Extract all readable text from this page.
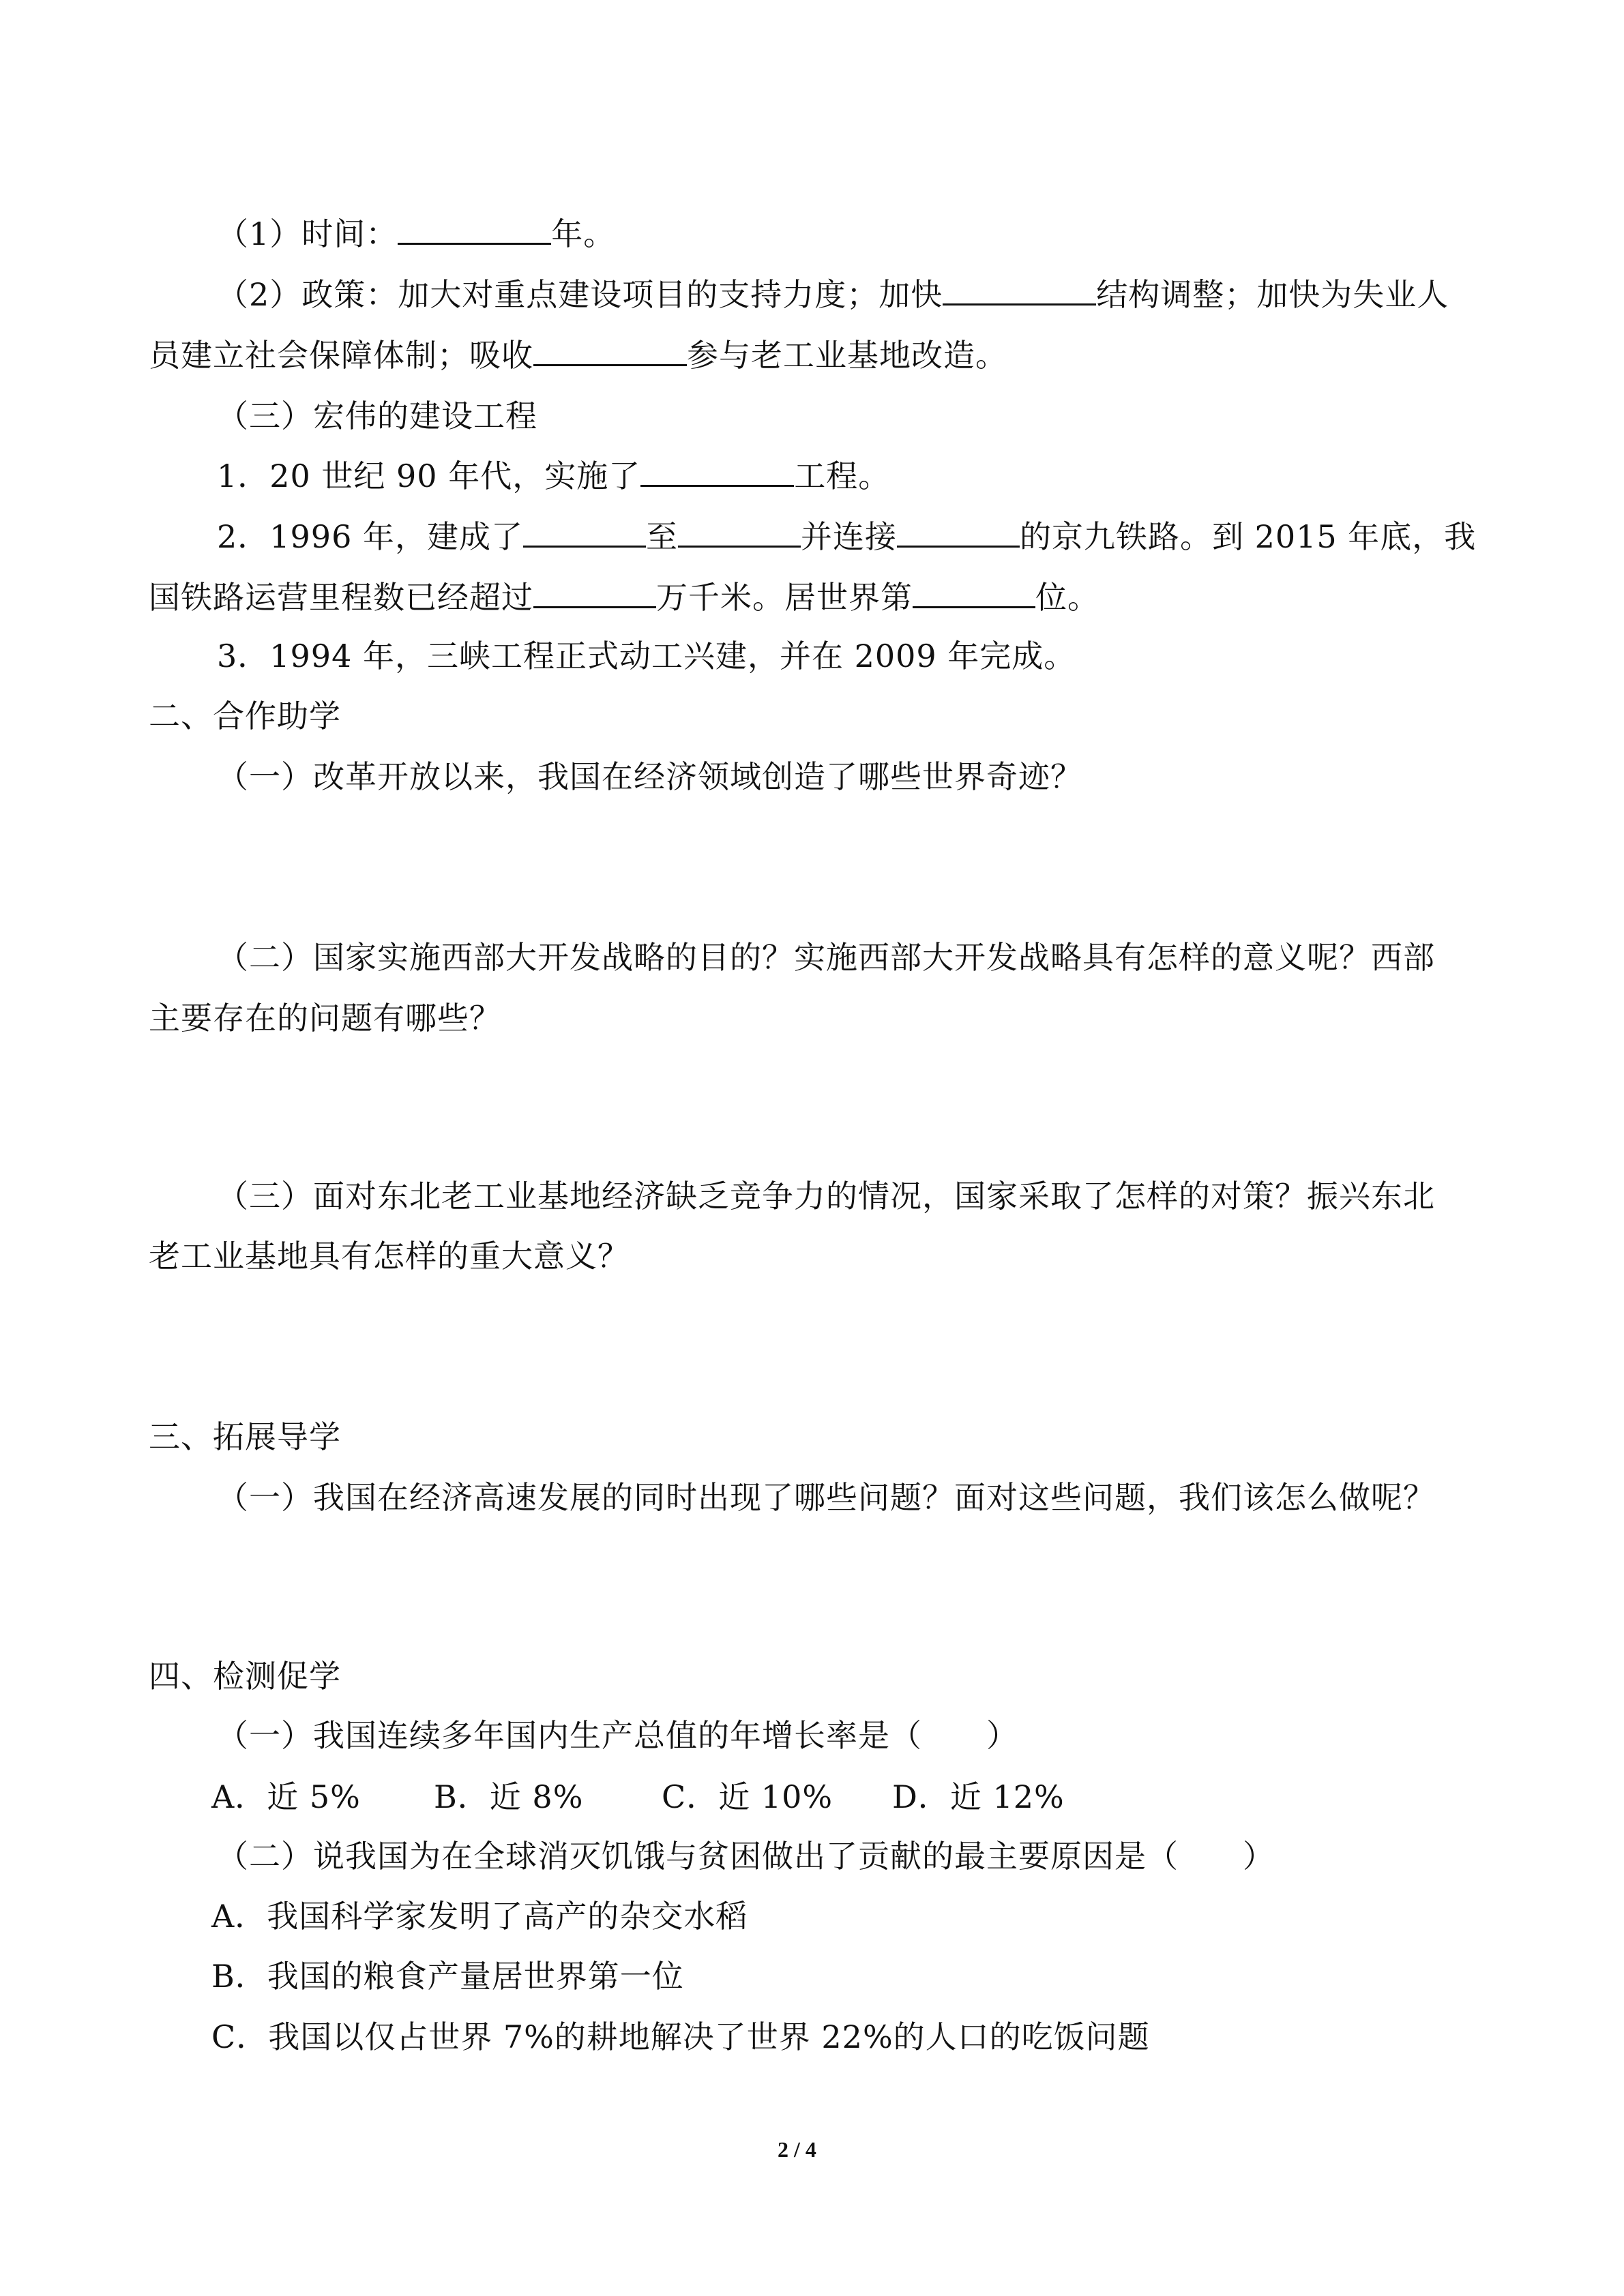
（1）时间：	年。
（2）政策：加大对重点建设项目的支持力度；加快	结构调整；加快为失业人
员建立社会保障体制；吸收	参与老工业基地改造。
（三）宏伟的建设工程
1．20 世纪 90 年代，实施了	工程。
2．1996 年，建成了	至	并连接	的京九铁路。到 2015 年底，我
国铁路运营里程数已经超过	万千米。居世界第	位。
3．1994 年，三峡工程正式动工兴建，并在 2009 年完成。
二、合作助学
（一）改革开放以来，我国在经济领域创造了哪些世界奇迹？
（二）国家实施西部大开发战略的目的？实施西部大开发战略具有怎样的意义呢？西部
主要存在的问题有哪些？
（三）面对东北老工业基地经济缺乏竞争力的情况，国家采取了怎样的对策？振兴东北
老工业基地具有怎样的重大意义？
三、拓展导学
（一）我国在经济高速发展的同时出现了哪些问题？面对这些问题，我们该怎么做呢？
四、检测促学
（一）我国连续多年国内生产总值的年增长率是（　　）
A．近 5% B．近 8% C．近 10% D．近 12%
（二）说我国为在全球消灭饥饿与贫困做出了贡献的最主要原因是（　　）
A．我国科学家发明了高产的杂交水稻
B．我国的粮食产量居世界第一位
C．我国以仅占世界 7%的耕地解决了世界 22%的人口的吃饭问题
2 / 4
